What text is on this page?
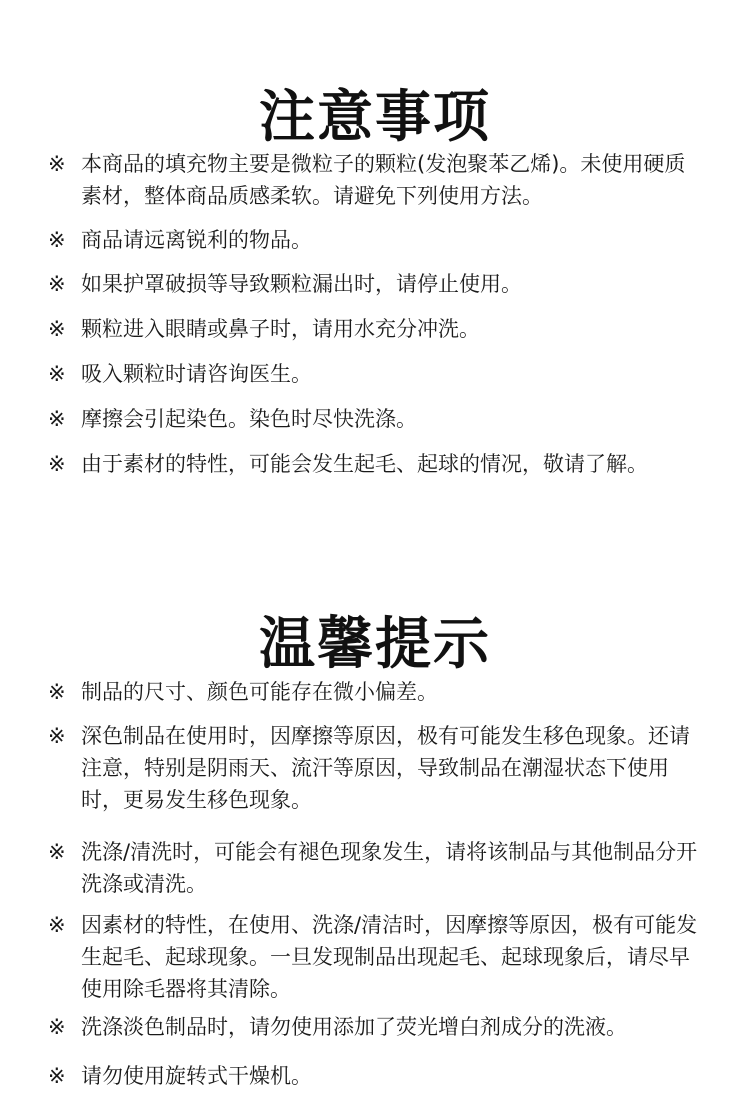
注意事项
※ 本商品的填充物主要是微粒子的颗粒(发泡聚苯乙烯)。未使用硬质素材，整体商品质感柔软。请避免下列使用方法。
※ 商品请远离锐利的物品。
※ 如果护罩破损等导致颗粒漏出时，请停止使用。
※ 颗粒进入眼睛或鼻子时，请用水充分冲洗。
※ 吸入颗粒时请咨询医生。
※ 摩擦会引起染色。染色时尽快洗涤。
※ 由于素材的特性，可能会发生起毛、起球的情况，敬请了解。
温馨提示
※ 制品的尺寸、颜色可能存在微小偏差。
※ 深色制品在使用时，因摩擦等原因，极有可能发生移色现象。还请注意，特别是阴雨天、流汗等原因，导致制品在潮湿状态下使用时，更易发生移色现象。
※ 洗涤/清洗时，可能会有褪色现象发生，请将该制品与其他制品分开洗涤或清洗。
※ 因素材的特性，在使用、洗涤/清洁时，因摩擦等原因，极有可能发生起毛、起球现象。一旦发现制品出现起毛、起球现象后，请尽早使用除毛器将其清除。
※ 洗涤淡色制品时，请勿使用添加了荧光增白剂成分的洗液。
※ 请勿使用旋转式干燥机。
